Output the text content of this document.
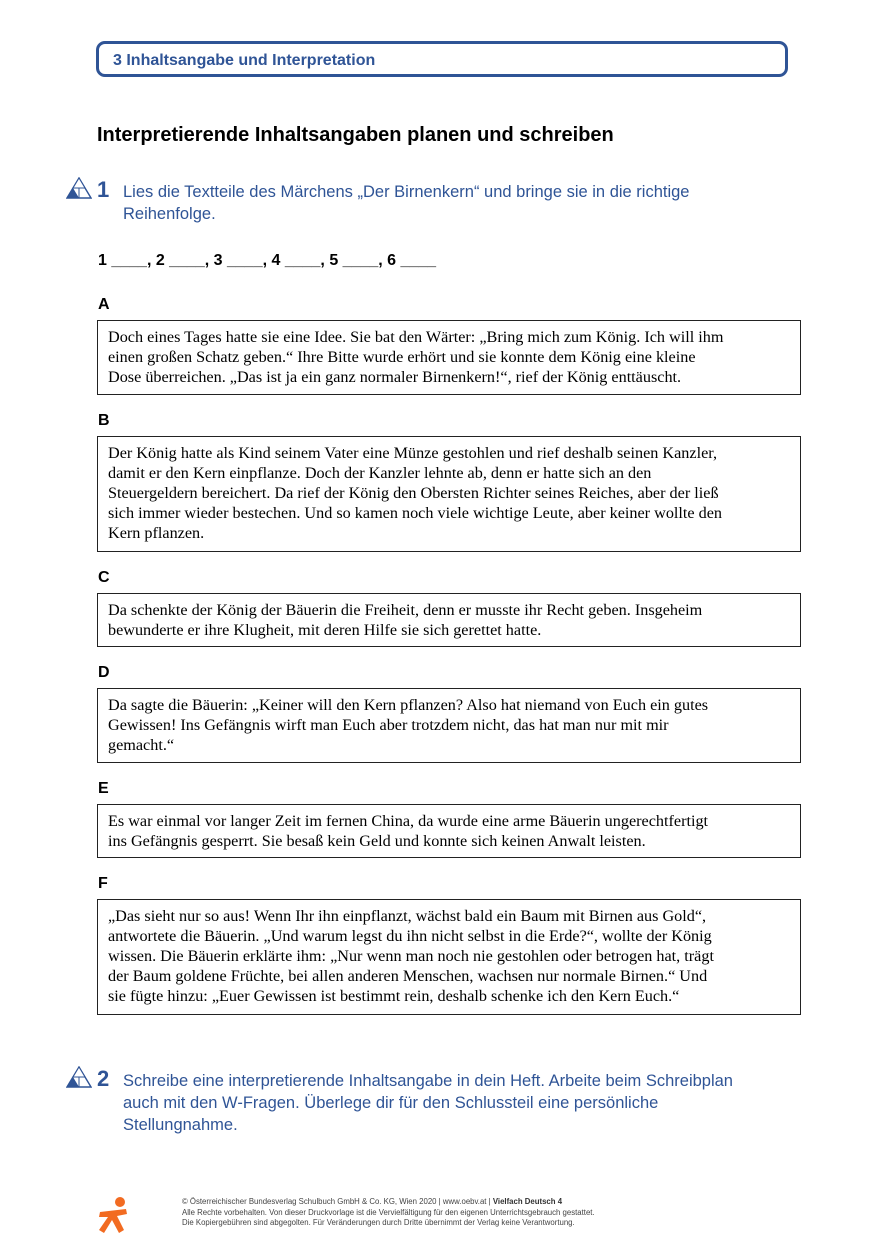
3 Inhaltsangabe und Interpretation
Interpretierende Inhaltsangaben planen und schreiben
1 Lies die Textteile des Märchens „Der Birnenkern“ und bringe sie in die richtige
Reihenfolge.
1 ____, 2 ____, 3 ____, 4 ____, 5 ____, 6 ____
A
Doch eines Tages hatte sie eine Idee. Sie bat den Wärter: „Bring mich zum König. Ich will ihm
einen großen Schatz geben.“ Ihre Bitte wurde erhört und sie konnte dem König eine kleine
Dose überreichen. „Das ist ja ein ganz normaler Birnenkern!“, rief der König enttäuscht.
B
Der König hatte als Kind seinem Vater eine Münze gestohlen und rief deshalb seinen Kanzler,
damit er den Kern einpflanze. Doch der Kanzler lehnte ab, denn er hatte sich an den
Steuergeldern bereichert. Da rief der König den Obersten Richter seines Reiches, aber der ließ
sich immer wieder bestechen. Und so kamen noch viele wichtige Leute, aber keiner wollte den
Kern pflanzen.
C
Da schenkte der König der Bäuerin die Freiheit, denn er musste ihr Recht geben. Insgeheim
bewunderte er ihre Klugheit, mit deren Hilfe sie sich gerettet hatte.
D
Da sagte die Bäuerin: „Keiner will den Kern pflanzen? Also hat niemand von Euch ein gutes
Gewissen! Ins Gefängnis wirft man Euch aber trotzdem nicht, das hat man nur mit mir
gemacht.“
E
Es war einmal vor langer Zeit im fernen China, da wurde eine arme Bäuerin ungerechtfertigt
ins Gefängnis gesperrt. Sie besaß kein Geld und konnte sich keinen Anwalt leisten.
F
„Das sieht nur so aus! Wenn Ihr ihn einpflanzt, wächst bald ein Baum mit Birnen aus Gold“,
antwortete die Bäuerin. „Und warum legst du ihn nicht selbst in die Erde?“, wollte der König
wissen. Die Bäuerin erklärte ihm: „Nur wenn man noch nie gestohlen oder betrogen hat, trägt
der Baum goldene Früchte, bei allen anderen Menschen, wachsen nur normale Birnen.“ Und
sie fügte hinzu: „Euer Gewissen ist bestimmt rein, deshalb schenke ich den Kern Euch.“
2 Schreibe eine interpretierende Inhaltsangabe in dein Heft. Arbeite beim Schreibplan
auch mit den W-Fragen. Überlege dir für den Schlussteil eine persönliche
Stellungnahme.
© Österreichischer Bundesverlag Schulbuch GmbH & Co. KG, Wien 2020 | www.oebv.at | Vielfach Deutsch 4
Alle Rechte vorbehalten. Von dieser Druckvorlage ist die Vervielfältigung für den eigenen Unterrichtsgebrauch gestattet.
Die Kopiergebühren sind abgegolten. Für Veränderungen durch Dritte übernimmt der Verlag keine Verantwortung.
